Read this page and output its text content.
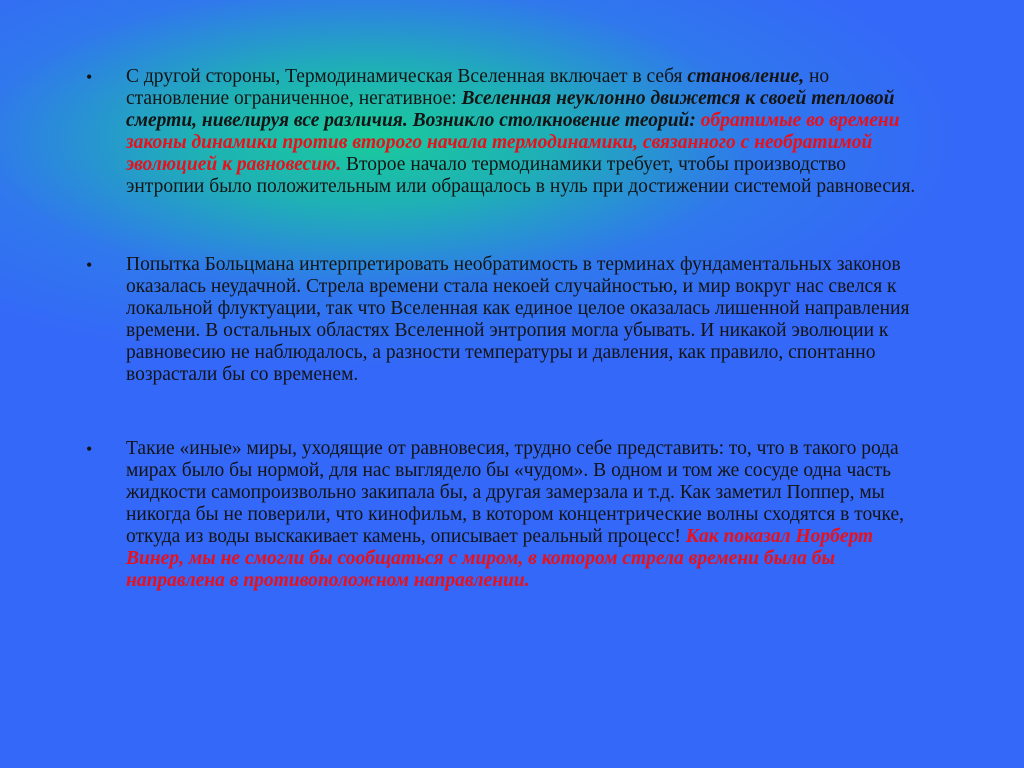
•	С другой стороны, Термодинамическая Вселенная включает в себя становление, но становление ограниченное, негативное: Вселенная неуклонно движется к своей тепловой смерти, нивелируя все различия. Возникло столкновение теорий: обратимые во времени законы динамики против второго начала термодинамики, связанного с необратимой эволюцией к равновесию. Второе начало термодинамики требует, чтобы производство энтропии было положительным или обращалось в нуль при достижении системой равновесия.
•	Попытка Больцмана интерпретировать необратимость в терминах фундаментальных законов оказалась неудачной. Стрела времени стала некоей случайностью, и мир вокруг нас свелся к локальной флуктуации, так что Вселенная как единое целое оказалась лишенной направления времени. В остальных областях Вселенной энтропия могла убывать. И никакой эволюции к равновесию не наблюдалось, а разности температуры и давления, как правило, спонтанно возрастали бы со временем.
•	Такие «иные» миры, уходящие от равновесия, трудно себе представить: то, что в такого рода мирах было бы нормой, для нас выглядело бы «чудом». В одном и том же сосуде одна часть жидкости самопроизвольно закипала бы, а другая замерзала и т.д. Как заметил Поппер, мы никогда бы не поверили, что кинофильм, в котором концентрические волны сходятся в точке, откуда из воды выскакивает камень, описывает реальный процесс! Как показал Норберт Винер, мы не смогли бы сообщаться с миром, в котором стрела времени была бы направлена в противоположном направлении.
